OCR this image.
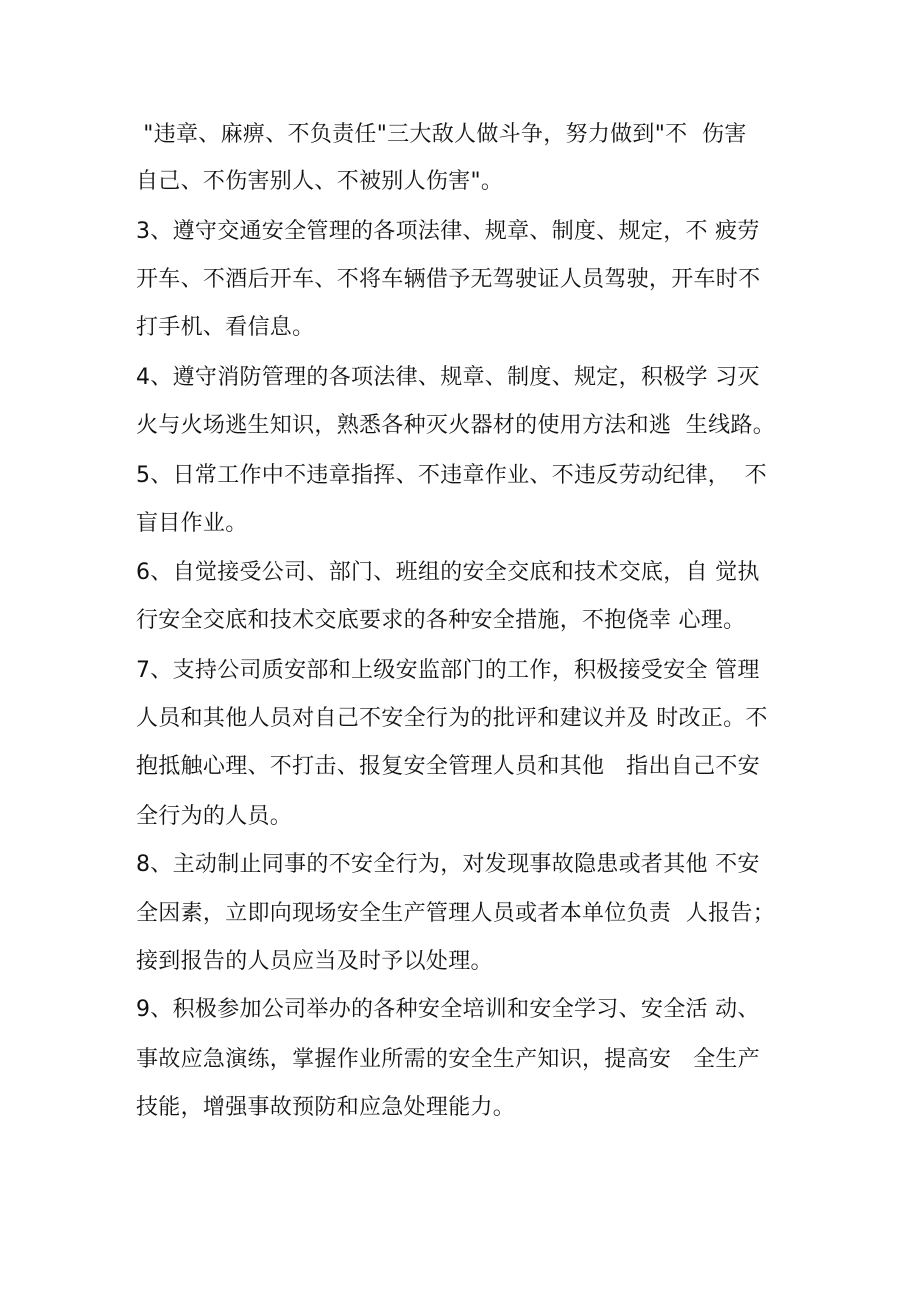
"违章、麻痹、不负责任"三大敌人做斗争，努力做到"不  伤害
自己、不伤害别人、不被别人伤害"。
3、遵守交通安全管理的各项法律、规章、制度、规定，不 疲劳
开车、不酒后开车、不将车辆借予无驾驶证人员驾驶，开车时不
打手机、看信息。
4、遵守消防管理的各项法律、规章、制度、规定，积极学 习灭
火与火场逃生知识，熟悉各种灭火器材的使用方法和逃  生线路。
5、日常工作中不违章指挥、不违章作业、不违反劳动纪律，  不
盲目作业。
6、自觉接受公司、部门、班组的安全交底和技术交底，自 觉执
行安全交底和技术交底要求的各种安全措施，不抱侥幸 心理。
7、支持公司质安部和上级安监部门的工作，积极接受安全 管理
人员和其他人员对自己不安全行为的批评和建议并及 时改正。不
抱抵触心理、不打击、报复安全管理人员和其他   指出自己不安
全行为的人员。
8、主动制止同事的不安全行为，对发现事故隐患或者其他 不安
全因素，立即向现场安全生产管理人员或者本单位负责  人报告；
接到报告的人员应当及时予以处理。
9、积极参加公司举办的各种安全培训和安全学习、安全活 动、
事故应急演练，掌握作业所需的安全生产知识，提高安   全生产
技能，增强事故预防和应急处理能力。
